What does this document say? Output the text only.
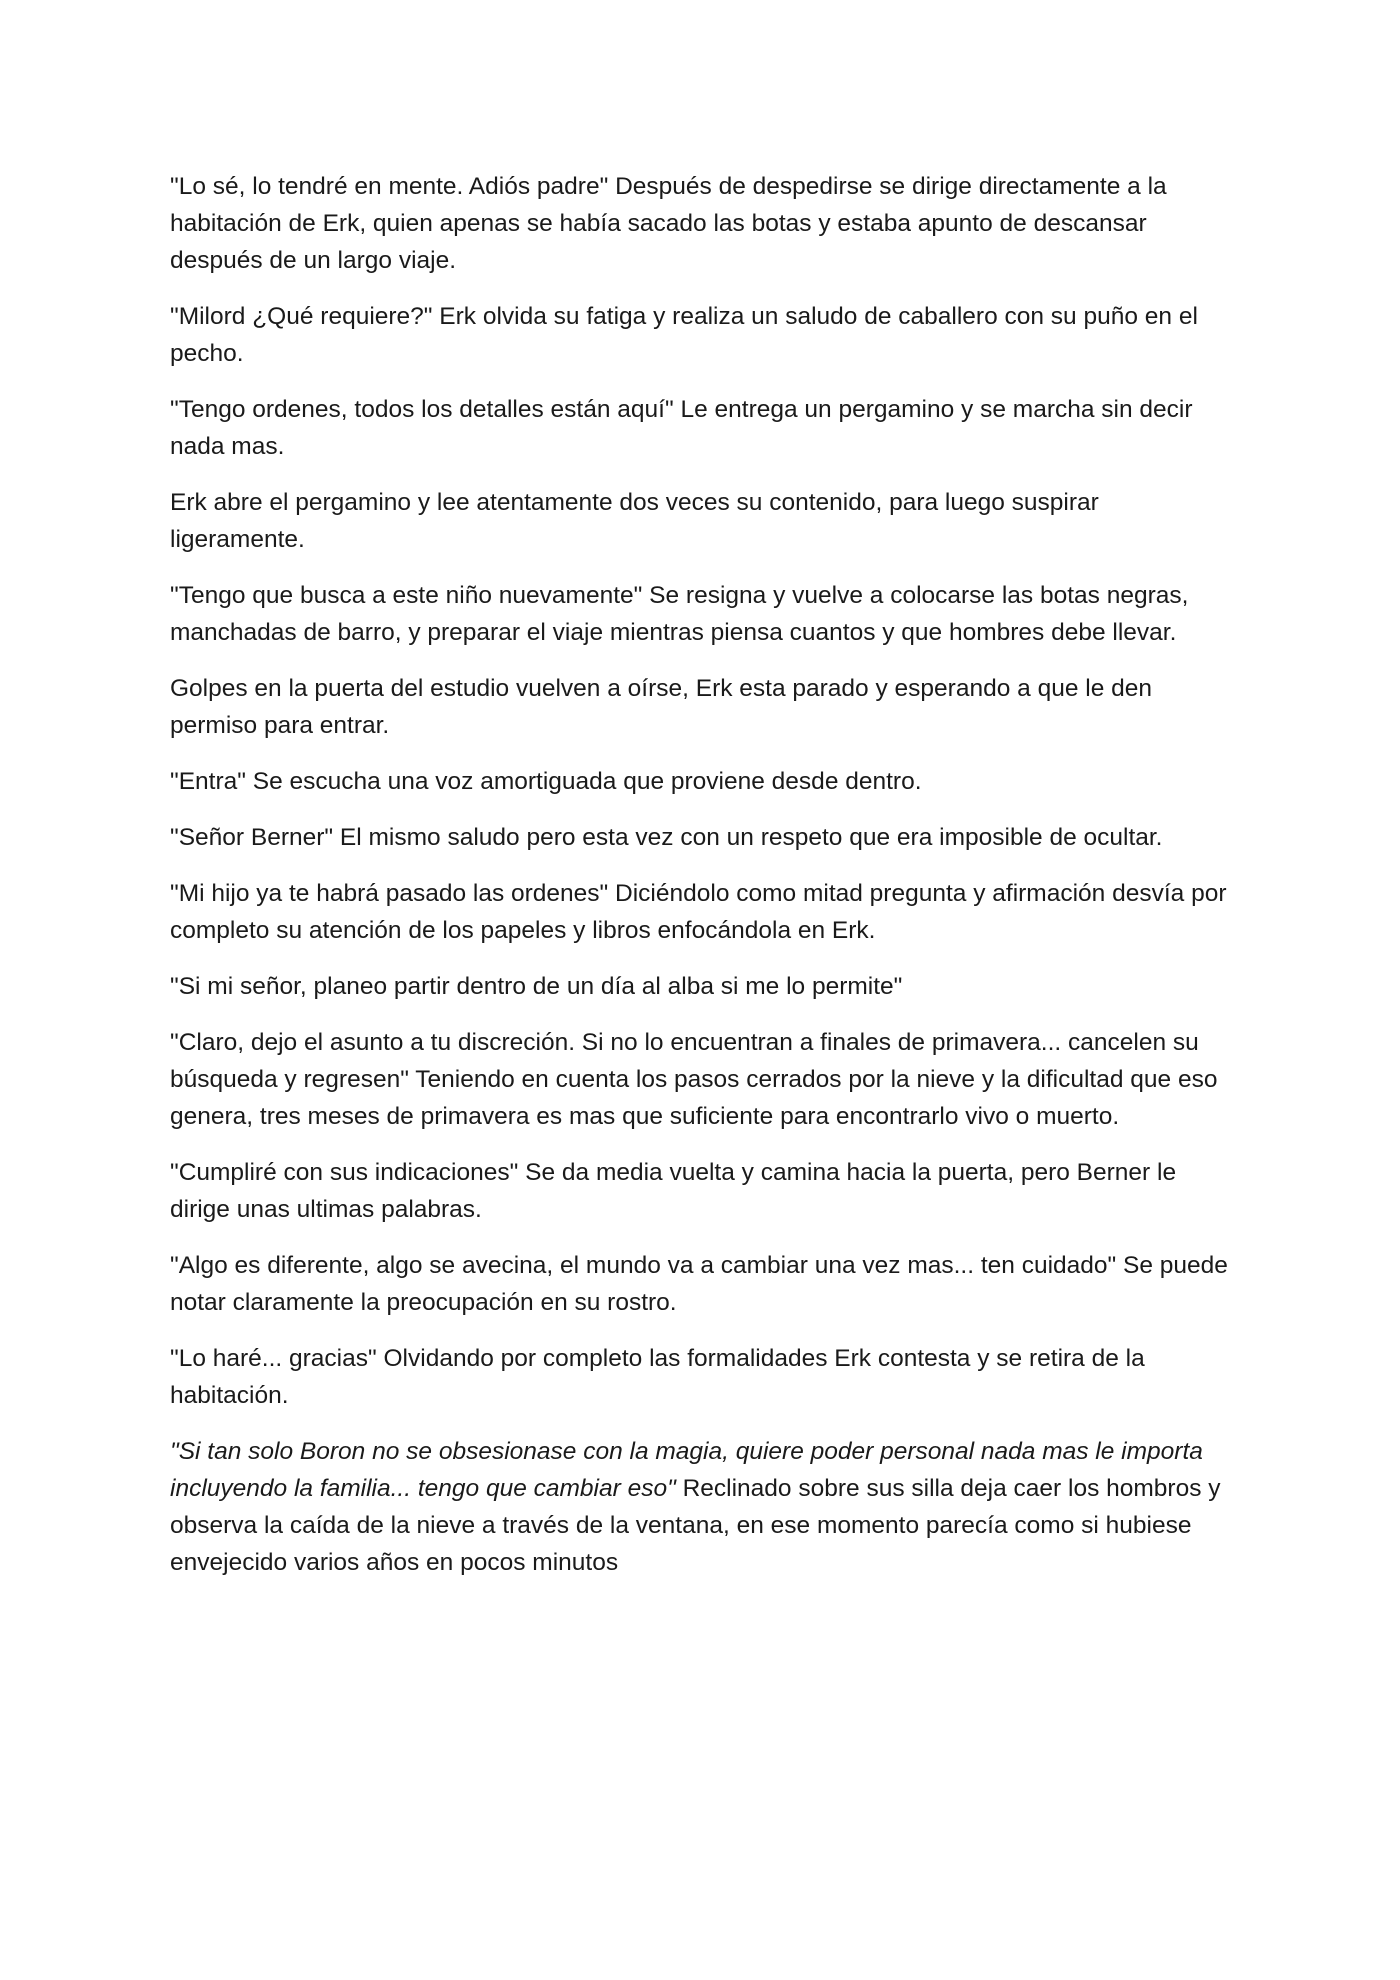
"Lo sé, lo tendré en mente. Adiós padre" Después de despedirse se dirige directamente a la habitación de Erk, quien apenas se había sacado las botas y estaba apunto de descansar después de un largo viaje.

"Milord ¿Qué requiere?" Erk olvida su fatiga y realiza un saludo de caballero con su puño en el pecho.

"Tengo ordenes, todos los detalles están aquí" Le entrega un pergamino y se marcha sin decir nada mas.

Erk abre el pergamino y lee atentamente dos veces su contenido, para luego suspirar ligeramente.

"Tengo que busca a este niño nuevamente" Se resigna y vuelve a colocarse las botas negras, manchadas de barro, y preparar el viaje mientras piensa cuantos y que hombres debe llevar.

Golpes en la puerta del estudio vuelven a oírse, Erk esta parado y esperando a que le den permiso para entrar.

"Entra" Se escucha una voz amortiguada que proviene desde dentro.

"Señor Berner" El mismo saludo pero esta vez con un respeto que era imposible de ocultar.

"Mi hijo ya te habrá pasado las ordenes" Diciéndolo como mitad pregunta y afirmación desvía por completo su atención de los papeles y libros enfocándola en Erk.

"Si mi señor, planeo partir dentro de un día al alba si me lo permite"

"Claro, dejo el asunto a tu discreción. Si no lo encuentran a finales de primavera... cancelen su búsqueda y regresen" Teniendo en cuenta los pasos cerrados por la nieve y la dificultad que eso genera, tres meses de primavera es mas que suficiente para encontrarlo vivo o muerto.

"Cumpliré con sus indicaciones" Se da media vuelta y camina hacia la puerta, pero Berner le dirige unas ultimas palabras.

"Algo es diferente, algo se avecina, el mundo va a cambiar una vez mas... ten cuidado" Se puede notar claramente la preocupación en su rostro.

"Lo haré... gracias" Olvidando por completo las formalidades Erk contesta y se retira de la habitación.

"Si tan solo Boron no se obsesionase con la magia, quiere poder personal nada mas le importa incluyendo la familia... tengo que cambiar eso" Reclinado sobre sus silla deja caer los hombros y observa la caída de la nieve a través de la ventana, en ese momento parecía como si hubiese envejecido varios años en pocos minutos
